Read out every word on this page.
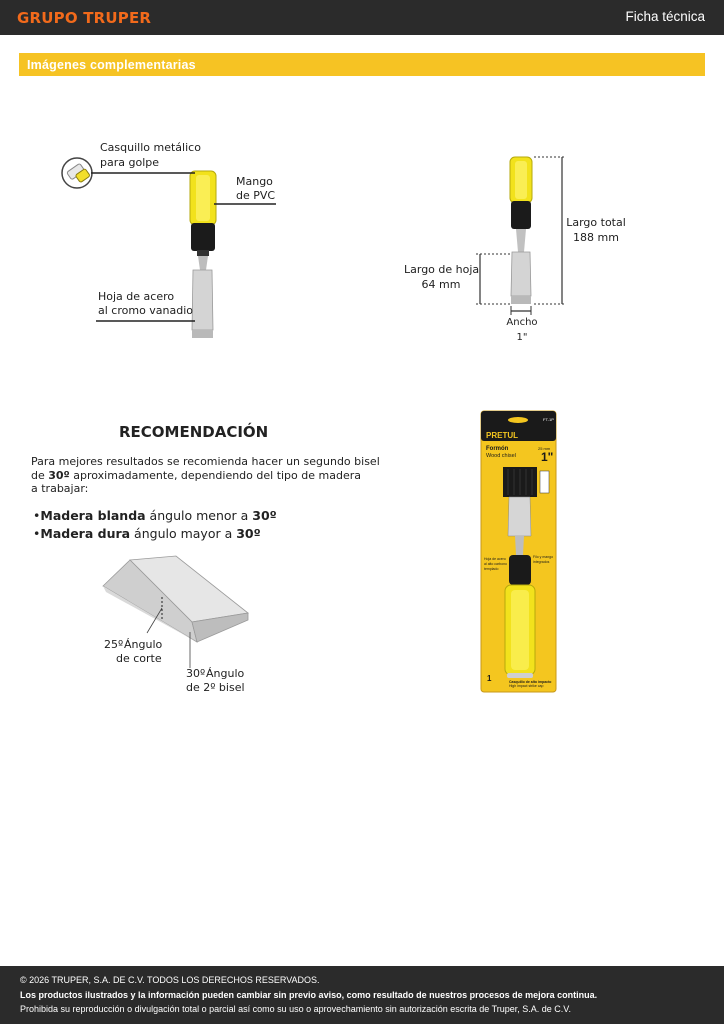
GRUPO TRUPER	Ficha técnica
Imágenes complementarias
Casquillo metálico
para golpe
Mango
de PVC
Hoja de acero
al cromo vanadio
Largo total
188 mm
Largo de hoja
64 mm
Ancho
1"
RECOMENDACIÓN

Para mejores resultados se recomienda hacer un segundo bisel

de 30º aproximadamente, dependiendo del tipo de madera

a trabajar:

•Madera blanda ángulo menor a 30º
•Madera dura ángulo mayor a 30º
25º Ángulo
de corte
30º Ángulo
de 2º bisel
PRETUL
FT-1P
Formón
Wood chisel
25 mm
1"
Hoja de acero
al alto carbono
templado
Filo y mango
integrados
1	Casquillo de alto impacto
High impact strike cap
© 2026 TRUPER, S.A. DE C.V. TODOS LOS DERECHOS RESERVADOS.
Los productos ilustrados y la información pueden cambiar sin previo aviso, como resultado de nuestros procesos de mejora continua.
Prohibida su reproducción o divulgación total o parcial así como su uso o aprovechamiento sin autorización escrita de Truper, S.A. de C.V.
